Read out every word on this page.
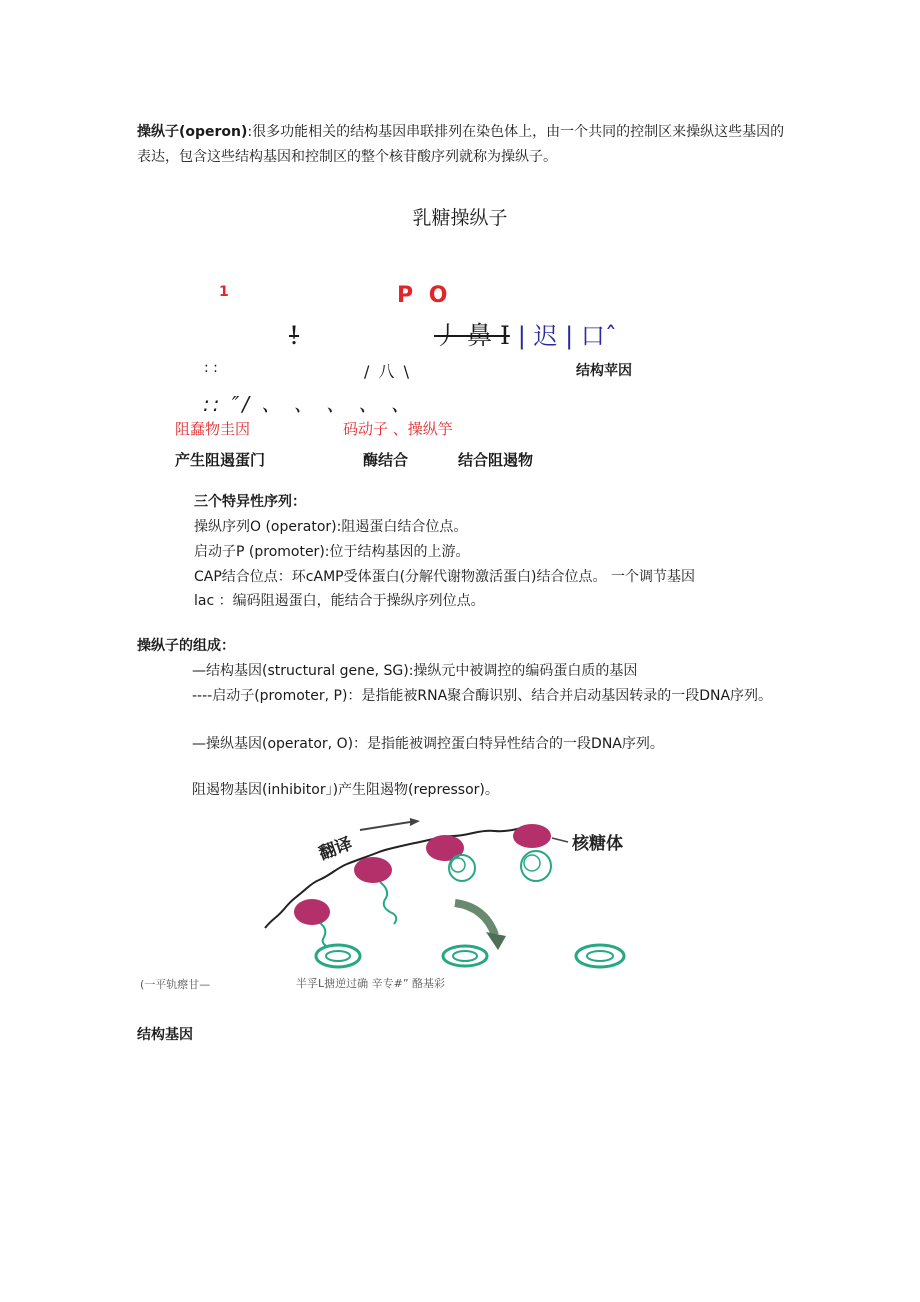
操纵子(operon):很多功能相关的结构基因串联排列在染色体上，由一个共同的控制区来操纵这些基因的表达，包含这些结构基因和控制区的整个核苷酸序列就称为操纵子。
乳糖操纵子
1	P O
!	丿 鼻 I | 迟 | 口ˆ
: :	/ 八 \	结构苹因
:: ″/ 、 、 、 、 、
阻蠢物圭因	码动子 、操纵竽
产生阻遏蛋门	酶结合	结合阻遏物
三个特异性序列：
操纵序列O (operator):阻遏蛋白结合位点。
启动子P (promoter):位于结构基因的上游。
CAP结合位点：环cAMP受体蛋白(分解代谢物激活蛋白)结合位点。 一个调节基因
lac ：编码阻遏蛋白，能结合于操纵序列位点。
操纵子的组成：
—结构基因(structural gene, SG):操纵元中被调控的编码蛋白质的基因
----启动子(promoter, P)：是指能被RNA聚合酶识别、结合并启动基因转录的一段DNA序列。
—操纵基因(operator, O)：是指能被调控蛋白特异性结合的一段DNA序列。
阻遏物基因(inhibitor」)产生阻遏物(repressor)。
翻译	核糖体
(一平轨瘵甘—	半孚L搪逆过确 辛专#” 酪基彩
结构基因
